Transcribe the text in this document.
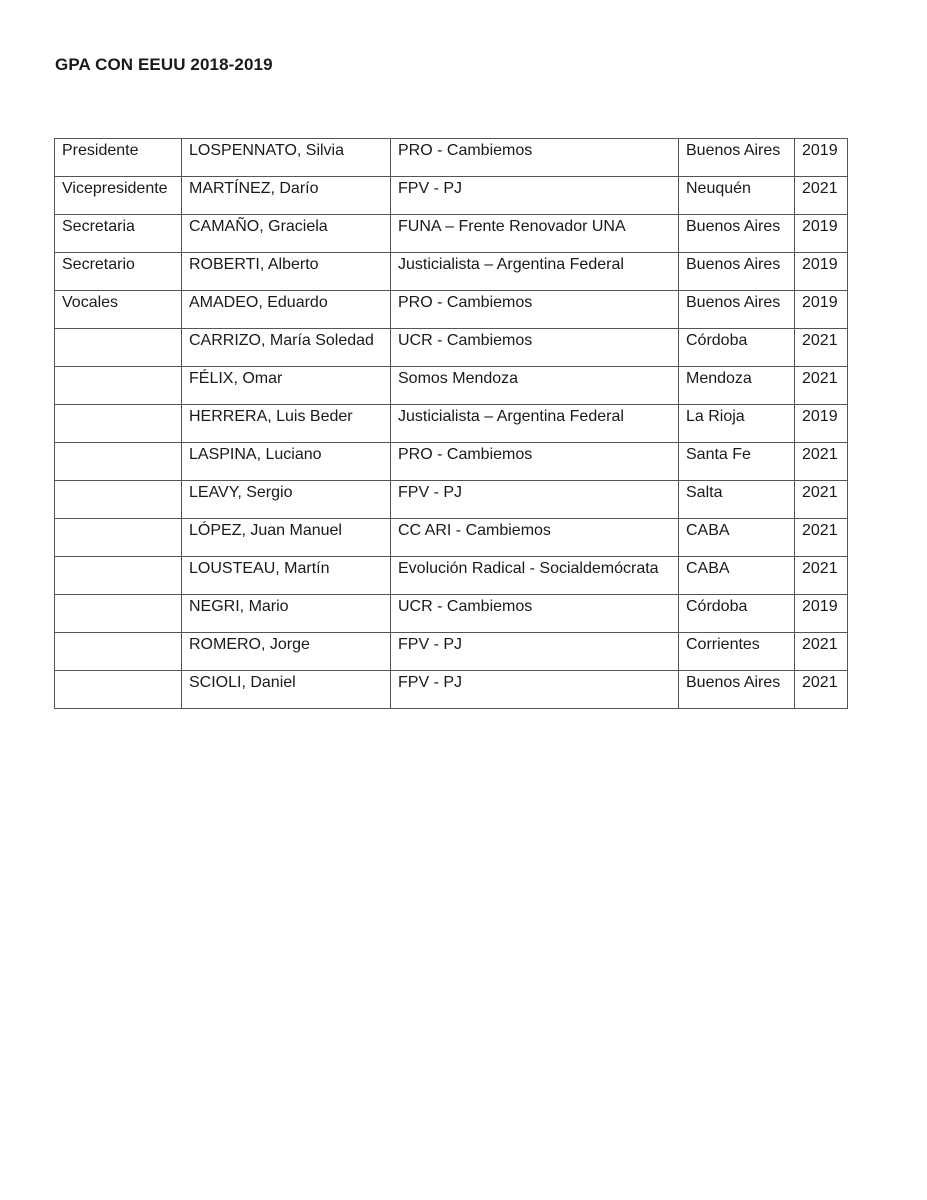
GPA CON EEUU 2018-2019
Presidente	LOSPENNATO, Silvia	PRO - Cambiemos	Buenos Aires	2019
Vicepresidente	MARTÍNEZ, Darío	FPV - PJ	Neuquén	2021
Secretaria	CAMAÑO, Graciela	FUNA – Frente Renovador UNA	Buenos Aires	2019
Secretario	ROBERTI, Alberto	Justicialista – Argentina Federal	Buenos Aires	2019
Vocales	AMADEO, Eduardo	PRO - Cambiemos	Buenos Aires	2019
	CARRIZO, María Soledad	UCR - Cambiemos	Córdoba	2021
	FÉLIX, Omar	Somos Mendoza	Mendoza	2021
	HERRERA, Luis Beder	Justicialista – Argentina Federal	La Rioja	2019
	LASPINA, Luciano	PRO - Cambiemos	Santa Fe	2021
	LEAVY, Sergio	FPV - PJ	Salta	2021
	LÓPEZ, Juan Manuel	CC ARI - Cambiemos	CABA	2021
	LOUSTEAU, Martín	Evolución Radical - Socialdemócrata	CABA	2021
	NEGRI, Mario	UCR - Cambiemos	Córdoba	2019
	ROMERO, Jorge	FPV - PJ	Corrientes	2021
	SCIOLI, Daniel	FPV - PJ	Buenos Aires	2021
